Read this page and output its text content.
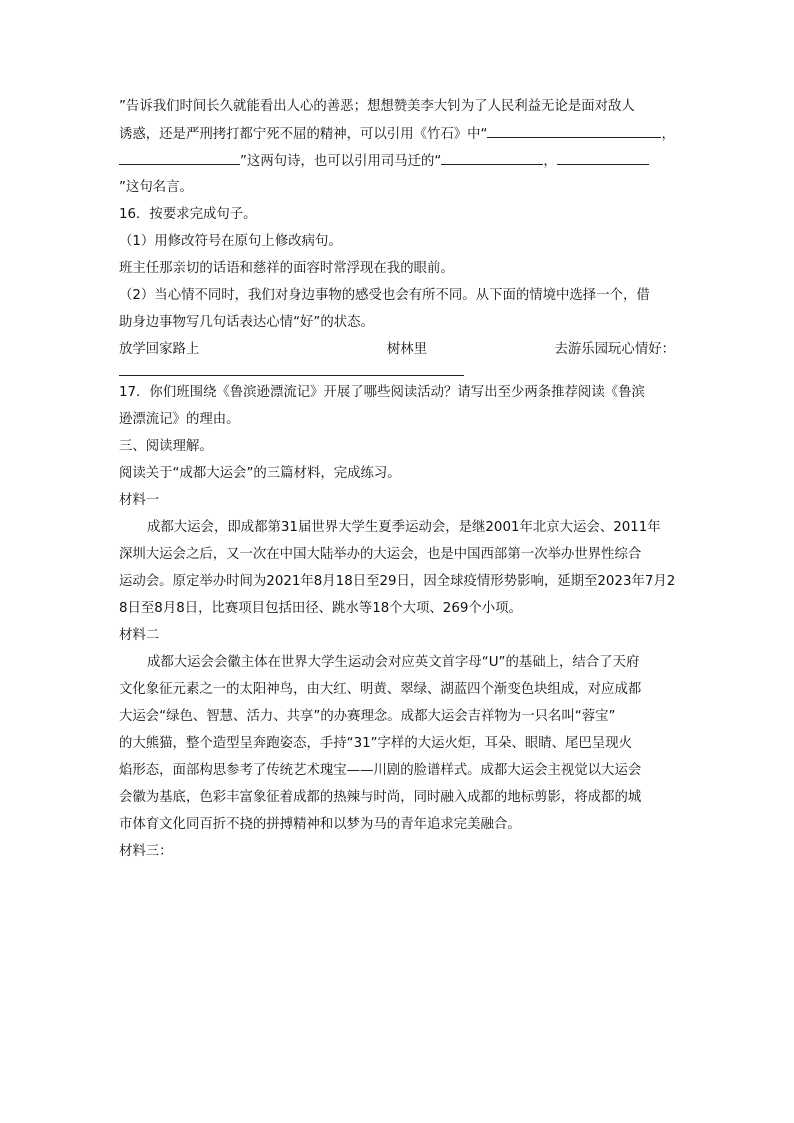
”告诉我们时间长久就能看出人心的善恶；想想赞美李大钊为了人民利益无论是面对敌人
诱惑，还是严刑拷打都宁死不屈的精神，可以引用《竹石》中“	，
”这两句诗，也可以引用司马迁的“	，
”这句名言。
16．按要求完成句子。
（1）用修改符号在原句上修改病句。
班主任那亲切的话语和慈祥的面容时常浮现在我的眼前。
（2）当心情不同时，我们对身边事物的感受也会有所不同。从下面的情境中选择一个，借
助身边事物写几句话表达心情“好”的状态。
放学回家路上	树林里	去游乐园玩心情好：
17．你们班围绕《鲁滨逊漂流记》开展了哪些阅读活动？请写出至少两条推荐阅读《鲁滨
逊漂流记》的理由。
三、阅读理解。
阅读关于“成都大运会”的三篇材料，完成练习。
材料一
成都大运会，即成都第31届世界大学生夏季运动会，是继2001年北京大运会、2011年
深圳大运会之后，又一次在中国大陆举办的大运会，也是中国西部第一次举办世界性综合
运动会。原定举办时间为2021年8月18日至29日，因全球疫情形势影响，延期至2023年7月2
8日至8月8日，比赛项目包括田径、跳水等18个大项、269个小项。
材料二
成都大运会会徽主体在世界大学生运动会对应英文首字母“U”的基础上，结合了天府
文化象征元素之一的太阳神鸟，由大红、明黄、翠绿、湖蓝四个渐变色块组成，对应成都
大运会“绿色、智慧、活力、共享”的办赛理念。成都大运会吉祥物为一只名叫“蓉宝”
的大熊猫，整个造型呈奔跑姿态，手持“31”字样的大运火炬，耳朵、眼睛、尾巴呈现火
焰形态，面部构思参考了传统艺术瑰宝——川剧的脸谱样式。成都大运会主视觉以大运会
会徽为基底，色彩丰富象征着成都的热辣与时尚，同时融入成都的地标剪影，将成都的城
市体育文化同百折不挠的拼搏精神和以梦为马的青年追求完美融合。
材料三：
